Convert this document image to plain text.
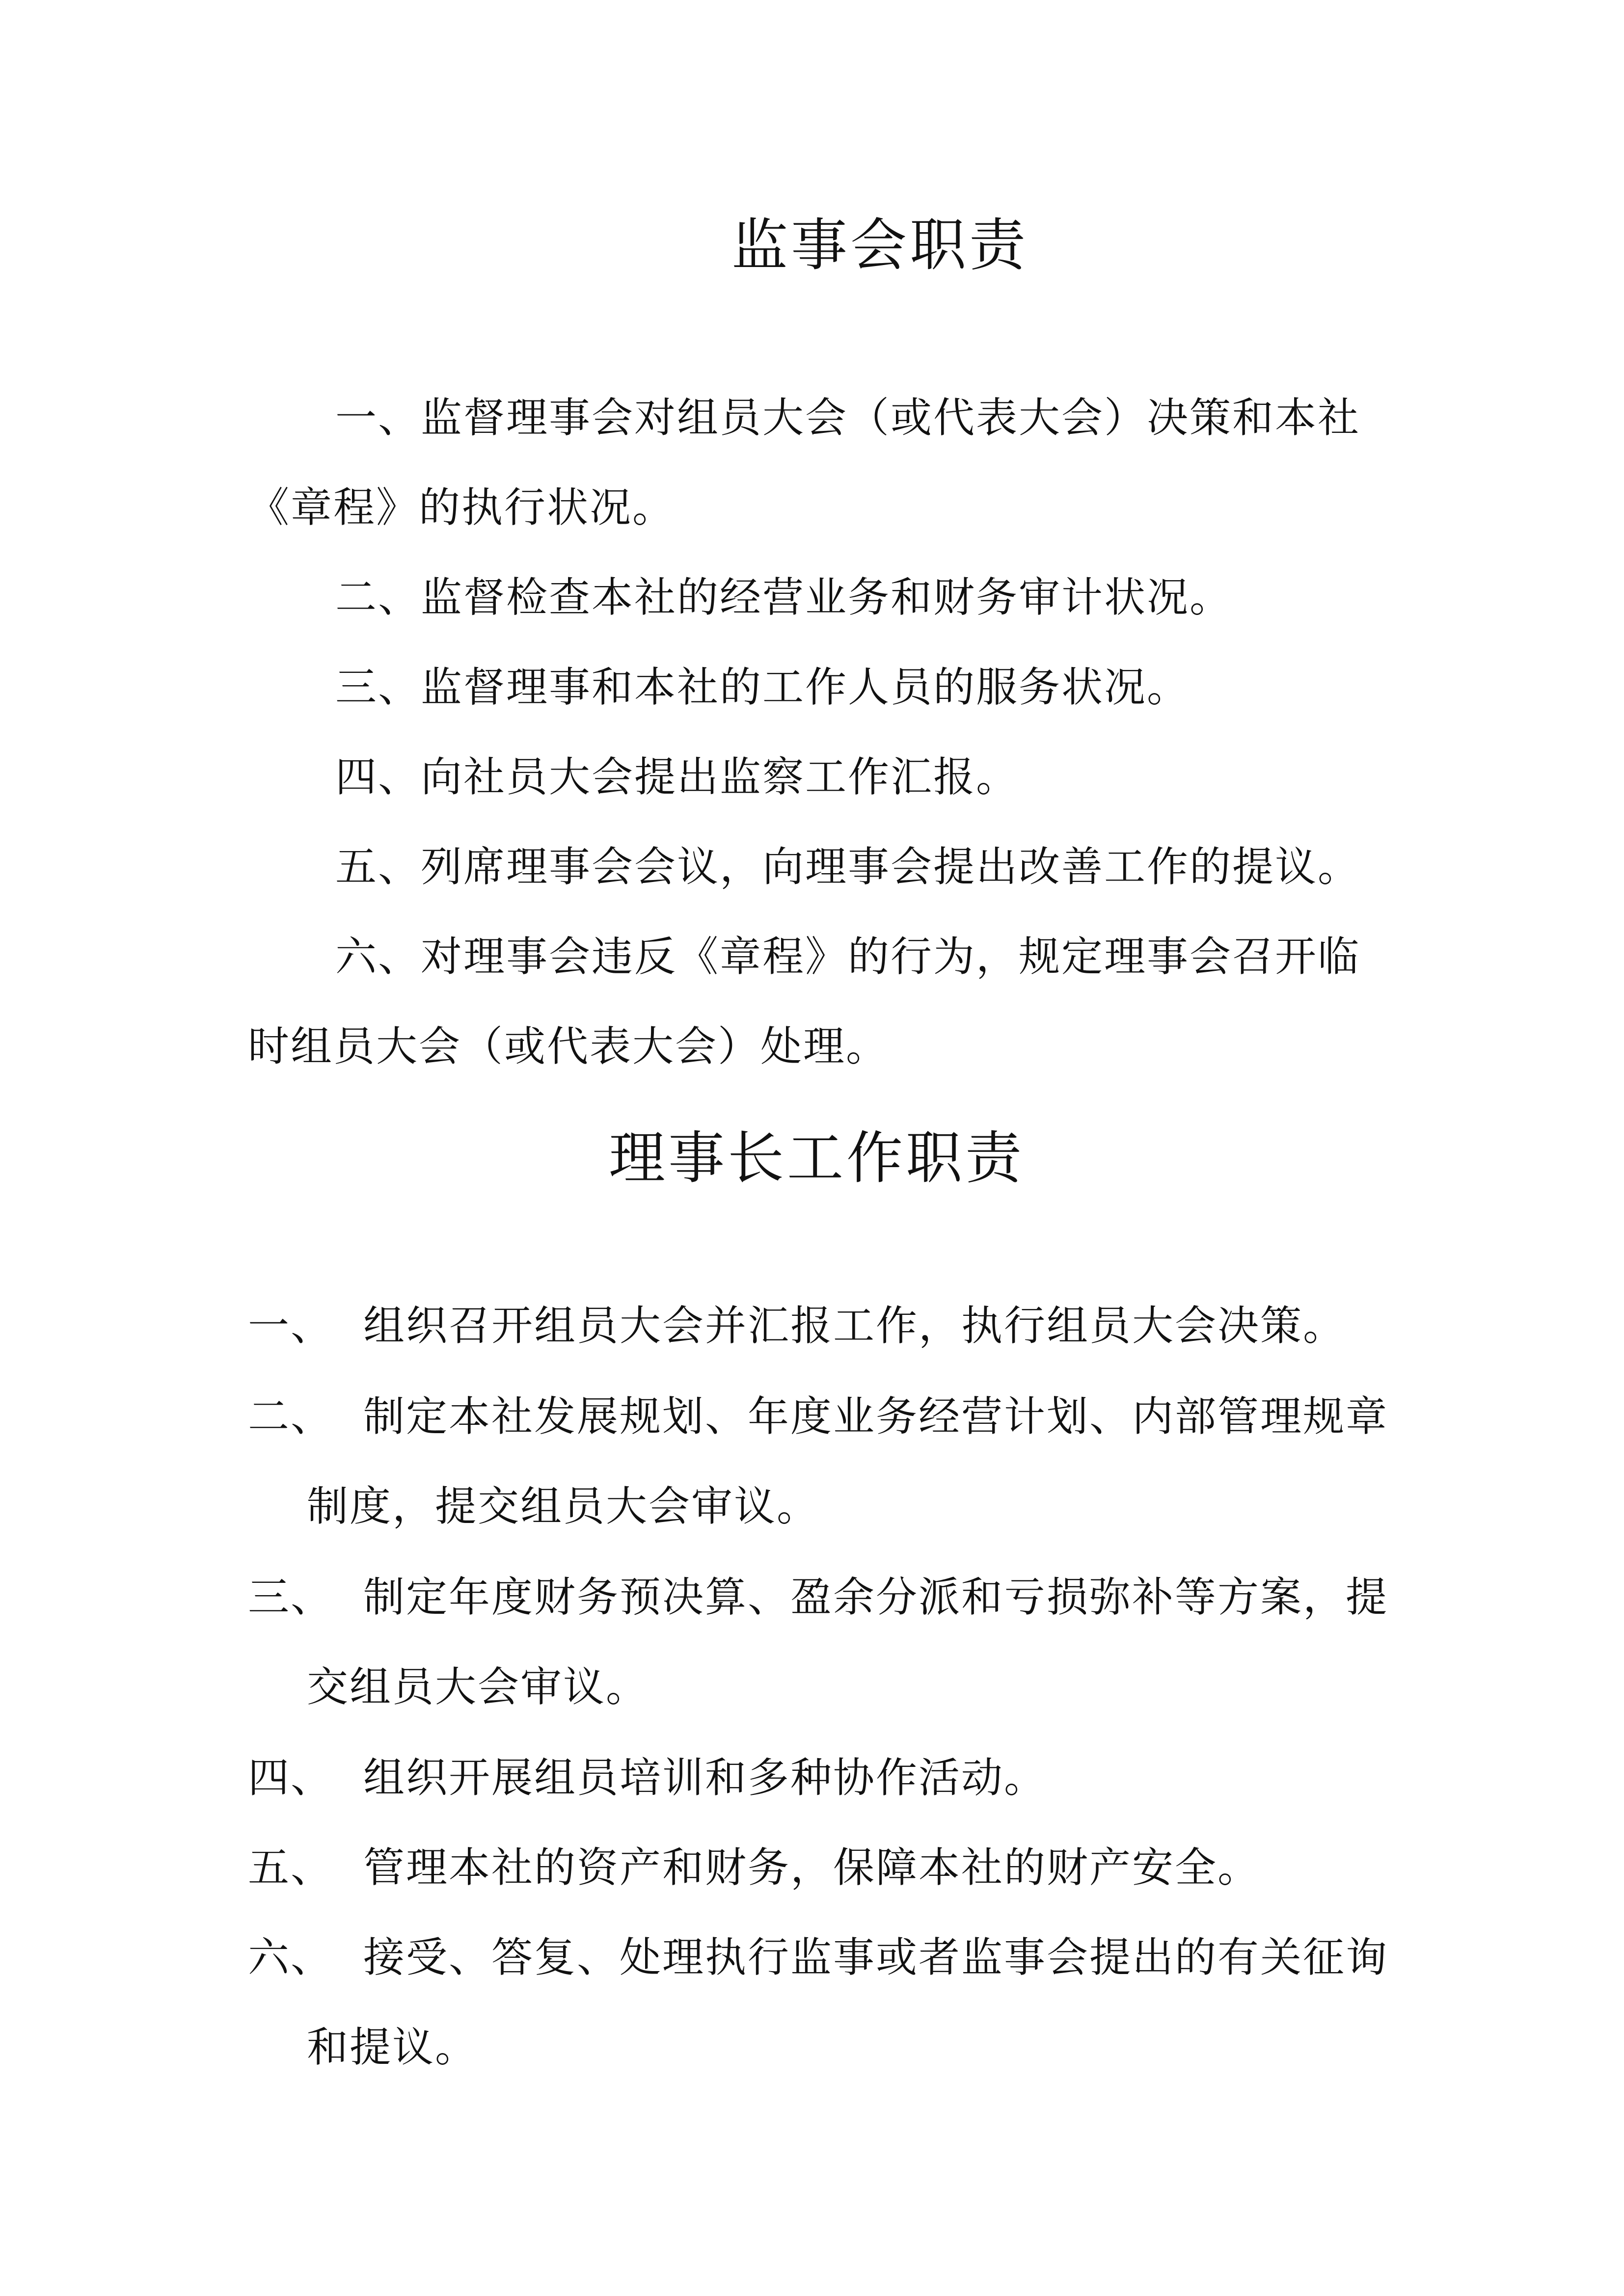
监事会职责

一、监督理事会对组员大会（或代表大会）决策和本社《章程》的执行状况。

二、监督检查本社的经营业务和财务审计状况。

三、监督理事和本社的工作人员的服务状况。

四、向社员大会提出监察工作汇报。

五、列席理事会会议，向理事会提出改善工作的提议。

六、对理事会违反《章程》的行为，规定理事会召开临时组员大会（或代表大会）处理。

理事长工作职责
一、 组织召开组员大会并汇报工作，执行组员大会决策。
二、 制定本社发展规划、年度业务经营计划、内部管理规章制度，提交组员大会审议。
三、 制定年度财务预决算、盈余分派和亏损弥补等方案，提交组员大会审议。
四、 组织开展组员培训和多种协作活动。
五、 管理本社的资产和财务，保障本社的财产安全。
六、 接受、答复、处理执行监事或者监事会提出的有关征询和提议。
